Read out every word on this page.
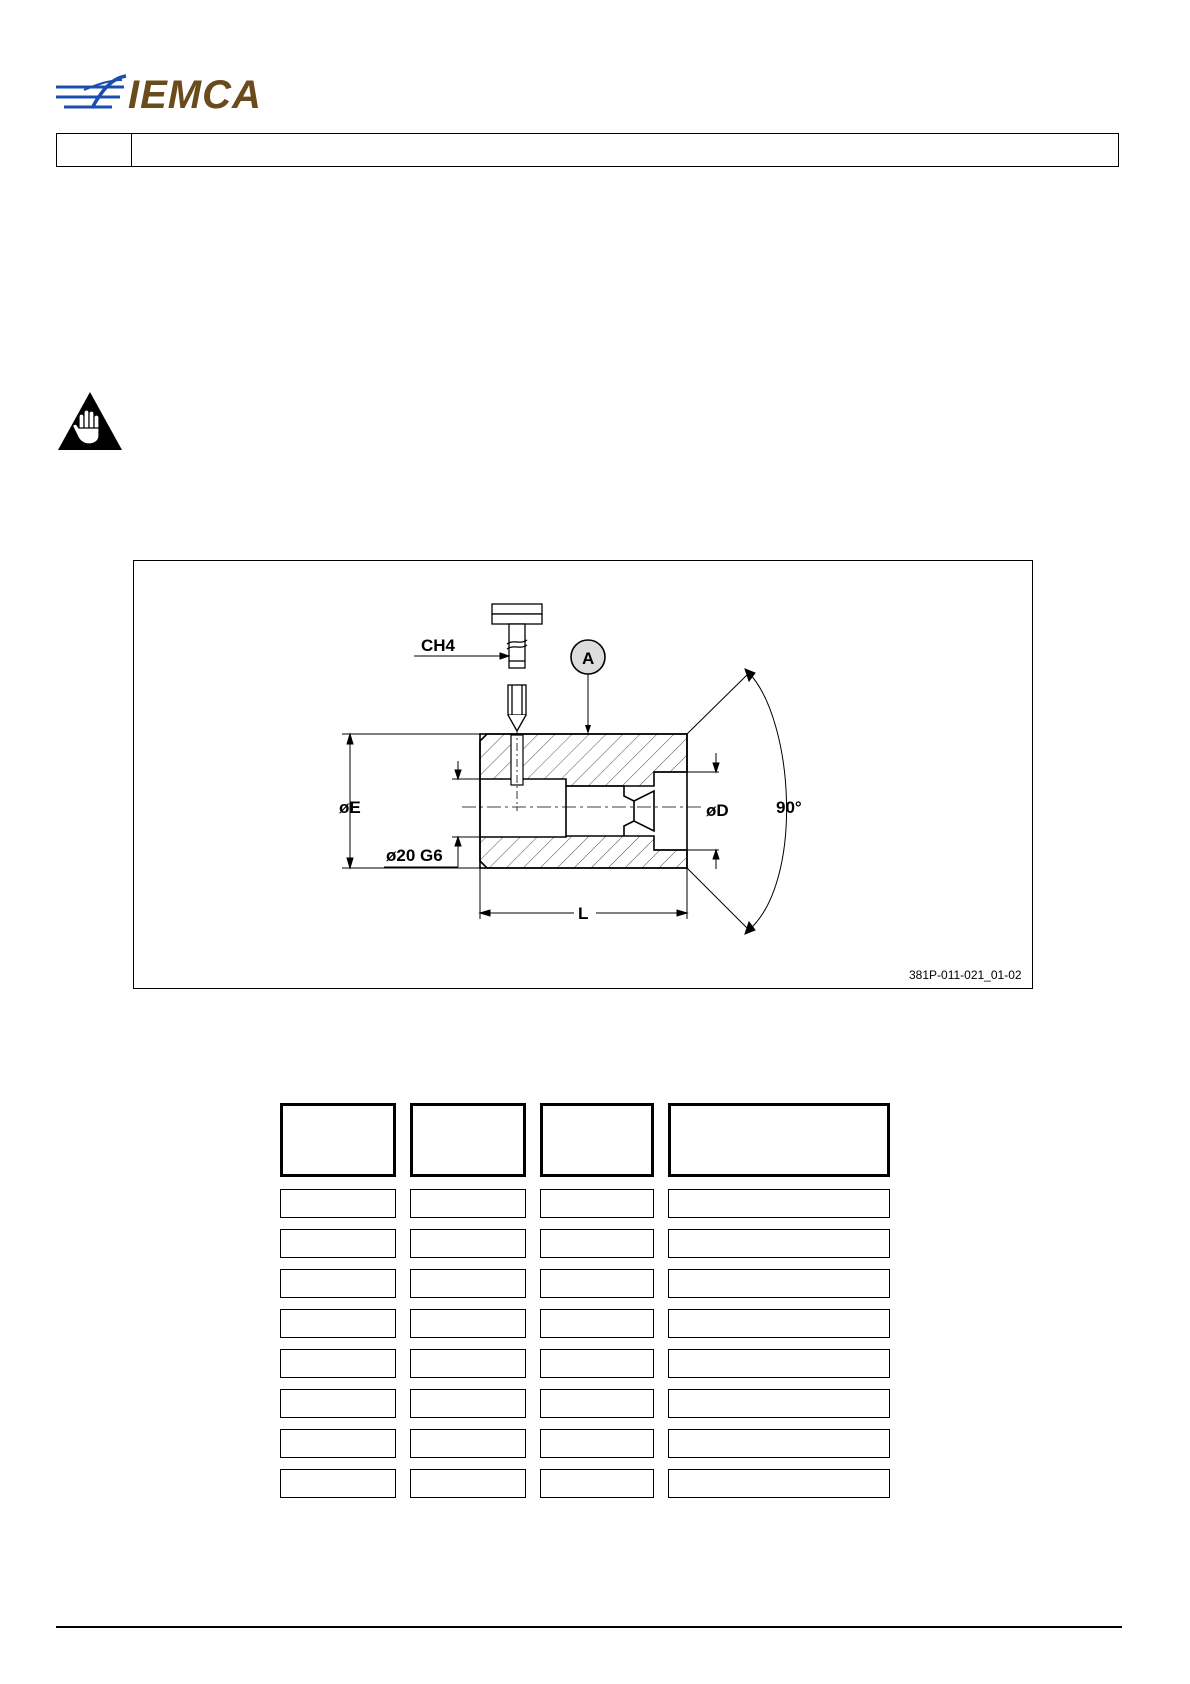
IEMCA
CH4
A
øE
ø20 G6
øD
L
90°
381P-011-021_01-02
